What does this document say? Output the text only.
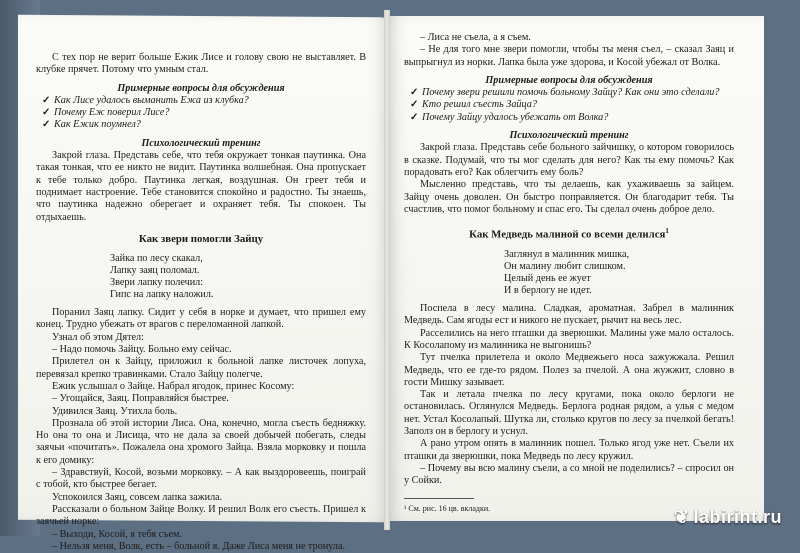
С тех пор не верит больше Ежик Лисе и голову свою не выставляет. В клубке прячет. Потому что умным стал.

Примерные вопросы для обсуждения

✓ Как Лисе удалось выманить Ежа из клубка?

✓ Почему Еж поверил Лисе?

✓ Как Ежик поумнел?

Психологический тренинг

Закрой глаза. Представь себе, что тебя окружает тонкая паутинка. Она такая тонкая, что ее никто не видит. Паутинка волшебная. Она пропускает к тебе только добро. Паутинка легкая, воздушная. Он греет тебя и поднимает настроение. Тебе становится спокойно и радостно. Ты знаешь, что паутинка надежно оберегает и охраняет тебя. Ты спокоен. Ты отдыхаешь.

Как звери помогли Зайцу

Зайка по лесу скакал,
Лапку заяц поломал.
Звери лапку полечил:
Гипс на лапку наложил.

Поранил Заяц лапку. Сидит у себя в норке и думает, что пришел ему конец. Трудно убежать от врагов с переломанной лапкой.

Узнал об этом Дятел:

– Надо помочь Зайцу. Больно ему сейчас.

Прилетел он к Зайцу, приложил к больной лапке листочек лопуха, перевязал крепко травинками. Стало Зайцу полегче.

Ежик услышал о Зайце. Набрал ягодок, принес Косому:

– Угощайся, Заяц. Поправляйся быстрее.

Удивился Заяц. Утихла боль.

Прознала об этой истории Лиса. Она, конечно, могла съесть бедняжку. Но она то она и Лисица, что не дала за своей добычей побегать, следы заячьи «почитать». Пожалела она хромого Зайца. Взяла морковку и пошла к его домику:

– Здравствуй, Косой, возьми морковку. – А как выздоровеешь, поиграй с тобой, кто быстрее бегает.

Успокоился Заяц, совсем лапка зажила.

Рассказали о больном Зайце Волку. И решил Волк его съесть. Пришел к заячьей норке:

– Выходи, Косой, я тебя съем.

– Нельзя меня, Волк, есть – больной я. Даже Лиса меня не тронула.

– Лиса не съела, а я съем.

– Не для того мне звери помогли, чтобы ты меня съел, – сказал Заяц и выпрыгнул из норки. Лапка была уже здорова, и Косой убежал от Волка.

Примерные вопросы для обсуждения

✓ Почему звери решили помочь больному Зайцу? Как они это сделали?

✓ Кто решил съесть Зайца?

✓ Почему Зайцу удалось убежать от Волка?

Психологический тренинг

Закрой глаза. Представь себе больного зайчишку, о котором говорилось в сказке. Подумай, что ты мог сделать для него? Как ты ему помочь? Как порадовать его? Как облегчить ему боль?

Мысленно представь, что ты делаешь, как ухаживаешь за зайцем. Зайцу очень доволен. Он быстро поправляется. Он благодарит тебя. Ты счастлив, что помог больному и спас его. Ты сделал очень доброе дело.

Как Медведь малиной со всеми делился$^1$

Заглянул в малинник мишка,
Он малину любит слишком.
Целый день ее жует
И в берлогу не идет.

Поспела в лесу малина. Сладкая, ароматная. Забрел в малинник Медведь. Сам ягоды ест и никого не пускает, рычит на весь лес.

Расселились на него пташки да зверюшки. Малины уже мало осталось. К Косолапому из малинника не выгонишь?

Тут пчелка прилетела и около Медвежьего носа зажужжала. Решил Медведь, что ее где-то рядом. Полез за пчелой. А она жужжит, словно в гости Мишку зазывает.

Так и летала пчелка по лесу кругами, пока около берлоги не остановилась. Оглянулся Медведь. Берлога родная рядом, а улья с медом нет. Устал Косолапый. Шуткa ли, столько кругов по лесу за пчелкой бегать! Заполз он в берлогу и уснул.

А рано утром опять в малинник пошел. Только ягод уже нет. Съели их пташки да зверюшки, пока Медведь по лесу кружил.

– Почему вы всю малину съели, а со мной не поделились? – спросил он у Сойки.

¹ См. рис. 16 цв. вкладки.	❦ labirint.ru
